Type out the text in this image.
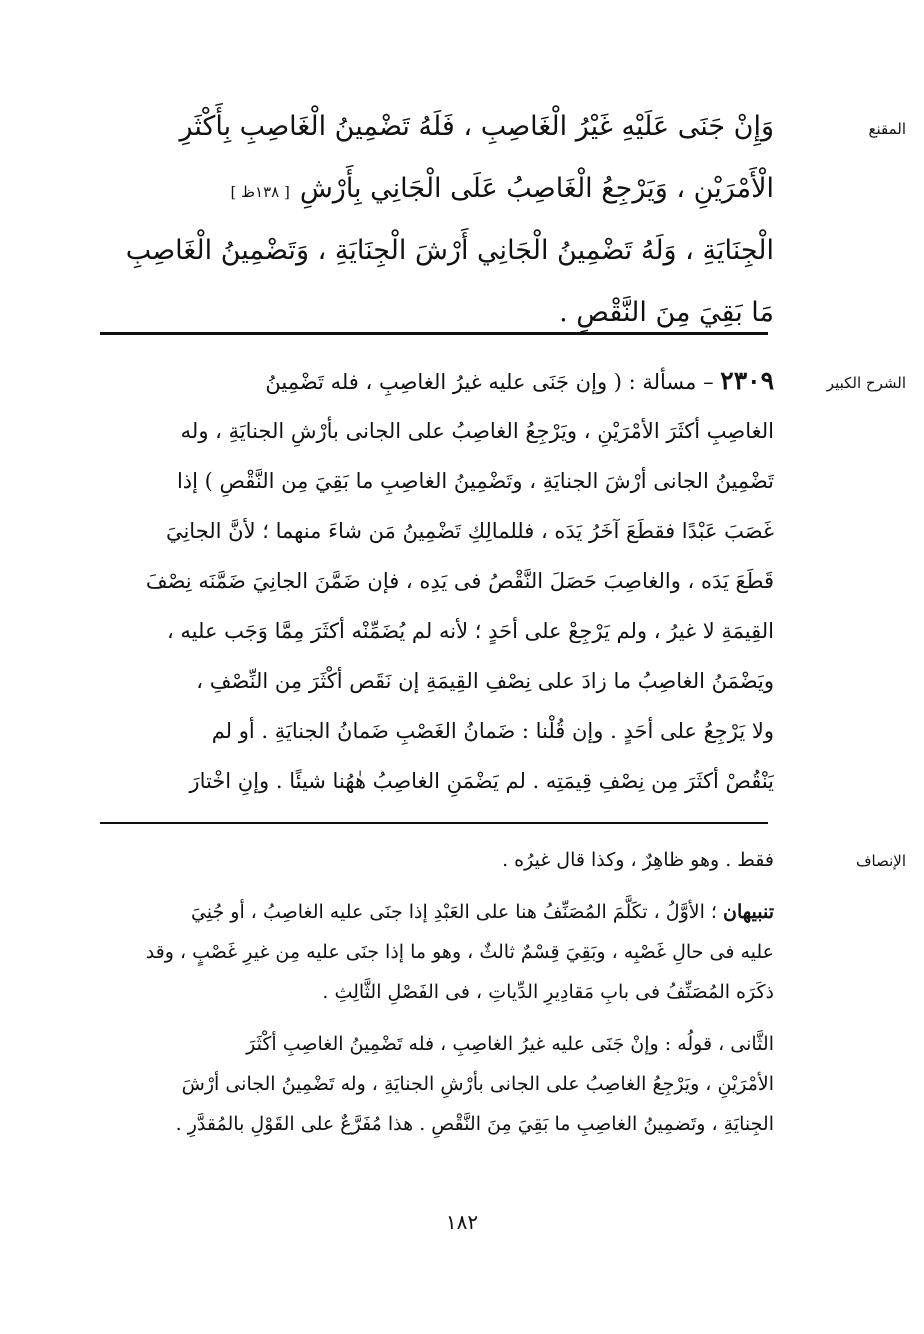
المقنع
وَإِنْ جَنَى عَلَيْهِ غَيْرُ الْغَاصِبِ ، فَلَهُ تَضْمِينُ الْغَاصِبِ بِأَكْثَرِ
الْأَمْرَيْنِ ، وَيَرْجِعُ الْغَاصِبُ عَلَى الْجَانِي بِأَرْشِ[ ١٣٨ظ ]
الْجِنَايَةِ ، وَلَهُ تَضْمِينُ الْجَانِي أَرْشَ الْجِنَايَةِ ، وَتَضْمِينُ الْغَاصِبِ
مَا بَقِيَ مِنَ النَّقْصِ .
الشرح الكبير
٢٣٠٩ – مسألة : ( وإن جَنَى عليه غيرُ الغاصِبِ ، فله تَضْمِينُ
الغاصِبِ أكثَرَ الأمْرَيْنِ ، ويَرْجِعُ الغاصِبُ على الجانى بأرْشِ الجنايَةِ ، وله
تَضْمِينُ الجانى أرْشَ الجنايَةِ ، وتَضْمِينُ الغاصِبِ ما بَقِيَ مِن النَّقْصِ ) إذا
غَصَبَ عَبْدًا فقطَعَ آخَرُ يَدَه ، فللمالِكِ تَضْمِينُ مَن شاءَ منهما ؛ لأنَّ الجانِيَ
قَطَعَ يَدَه ، والغاصِبَ حَصَلَ النَّقْصُ فى يَدِه ، فإن ضَمَّنَ الجانِيَ ضَمَّنَه نِصْفَ
القِيمَةِ لا غيرُ ، ولم يَرْجِعْ على أحَدٍ ؛ لأنه لم يُضَمِّنْه أكثَرَ مِمَّا وَجَب عليه ،
ويَضْمَنُ الغاصِبُ ما زادَ على نِصْفِ القِيمَةِ إن نَقَص أكْثَرَ مِن النِّصْفِ ،
ولا يَرْجِعُ على أحَدٍ . وإن قُلْنا : ضَمانُ الغَصْبِ ضَمانُ الجنايَةِ . أو لم
يَنْقُصْ أكثَرَ مِن نِصْفِ قِيمَتِه . لم يَضْمَنِ الغاصِبُ هٰهُنا شيئًا . وإنِ اخْتارَ
الإنصاف
فقط . وهو ظاهِرٌ ، وكذا قال غيرُه .
تنبيهان ؛ الأوَّلُ ، تكَلَّمَ المُصَنِّفُ هنا على العَبْدِ إذا جنَى عليه الغاصِبُ ، أو جُنِيَ
عليه فى حالِ غَصْبِه ، وبَقِيَ قِسْمٌ ثالثٌ ، وهو ما إذا جنَى عليه مِن غيرِ غَصْبٍ ، وقد
ذكَرَه المُصَنِّفُ فى بابِ مَقادِيرِ الدِّياتِ ، فى الفَصْلِ الثَّالِثِ .
الثَّانى ، قولُه : وإنْ جَنَى عليه غيرُ الغاصِبِ ، فله تَضْمِينُ الغاصِبِ أكْثَرَ
الأمْرَيْنِ ، ويَرْجِعُ الغاصِبُ على الجانى بأرْشِ الجنايَةِ ، وله تَضْمِينُ الجانى أرْشَ
الجِنايَةِ ، وتَضمِينُ الغاصِبِ ما بَقِيَ مِنَ النَّقْصِ . هذا مُفَرَّعٌ على القَوْلِ بالمُقدَّرِ .
١٨٢
